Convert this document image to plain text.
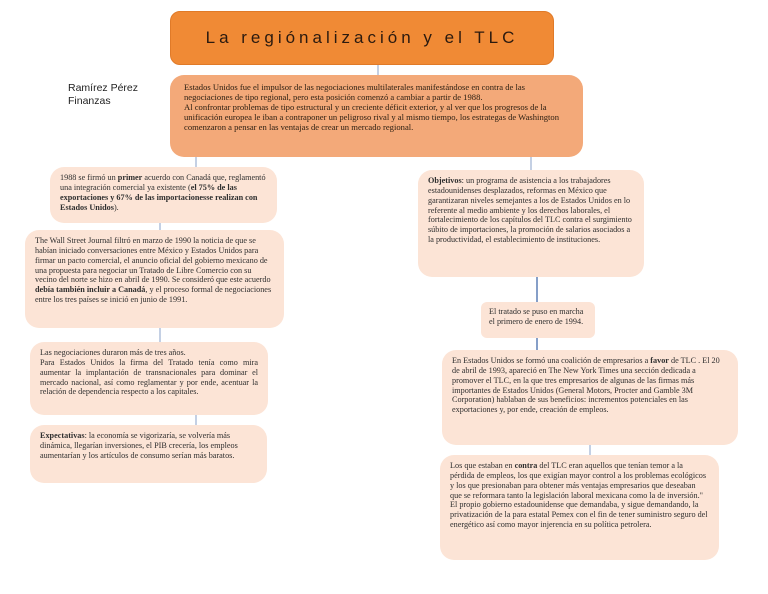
La regiónalización y el TLC
Ramírez Pérez
Finanzas

Estados Unidos fue el impulsor de las negociaciones multilaterales manifestándose en contra de las negociaciones de tipo regional, pero esta posición comenzó a cambiar a partir de 1988.

Al confrontar problemas de tipo estructural y un creciente déficit exterior, y al ver que los progresos de la unificación europea le iban a contraponer un peligroso rival y al mismo tiempo, los estrategas de Washington comenzaron a pensar en las ventajas de crear un mercado regional.

1988 se firmó un primer acuerdo con Canadá que, reglamentó una integración comercial ya existente (el 75% de las exportaciones y 67% de las importacionesse realizan con Estados Unidos).
The Wall Street Journal filtró en marzo de 1990 la noticia de que se habían iniciado conversaciones entre México y Estados Unidos para firmar un pacto comercial, el anuncio oficial del gobierno mexicano de una propuesta para negociar un Tratado de Libre Comercio con su vecino del norte se hizo en abril de 1990. Se consideró que este acuerdo debía también incluir a Canadá, y el proceso formal de negociaciones entre los tres países se inició en junio de 1991.

Las negociaciones duraron más de tres años.

Para Estados Unidos la firma del Tratado tenía como mira aumentar la implantación de transnacionales para dominar el mercado nacional, así como reglamentar y por ende, acentuar la relación de dependencia respecto a los capitales.

Expectativas: la economía se vigorizaría, se volvería más dinámica, llegarían inversiones, el PIB crecería, los empleos aumentarían y los artículos de consumo serían más baratos.
Objetivos: un programa de asistencia a los trabajadores estadounidenses desplazados, reformas en México que garantizaran niveles semejantes a los de Estados Unidos en lo referente al medio ambiente y los derechos laborales, el fortalecimiento de los capítulos del TLC contra el surgimiento súbito de importaciones, la promoción de salarios asociados a la productividad, el establecimiento de instituciones.
El tratado se puso en marcha el primero de enero de 1994.
En Estados Unidos se formó una coalición de empresarios a favor de TLC . El 20 de abril de 1993, apareció en The New York Times una sección dedicada a promover el TLC, en la que tres empresarios de algunas de las firmas más importantes de Estados Unidos (General Motors, Procter and Gamble 3M Corporation) hablaban de sus beneficios: incrementos potenciales en las exportaciones y, por ende, creación de empleos.
Los que estaban en contra del TLC eran aquellos que tenían temor a la pérdida de empleos, los que exigían mayor control a los problemas ecológicos y los que presionaban para obtener más ventajas empresarios que deseaban que se reformara tanto la legislación laboral mexicana como la de inversión." El propio gobierno estadounidense que demandaba, y sigue demandando, la privatización de la para estatal Pemex con el fin de tener suministro seguro del energético así como mayor injerencia en su política petrolera.
